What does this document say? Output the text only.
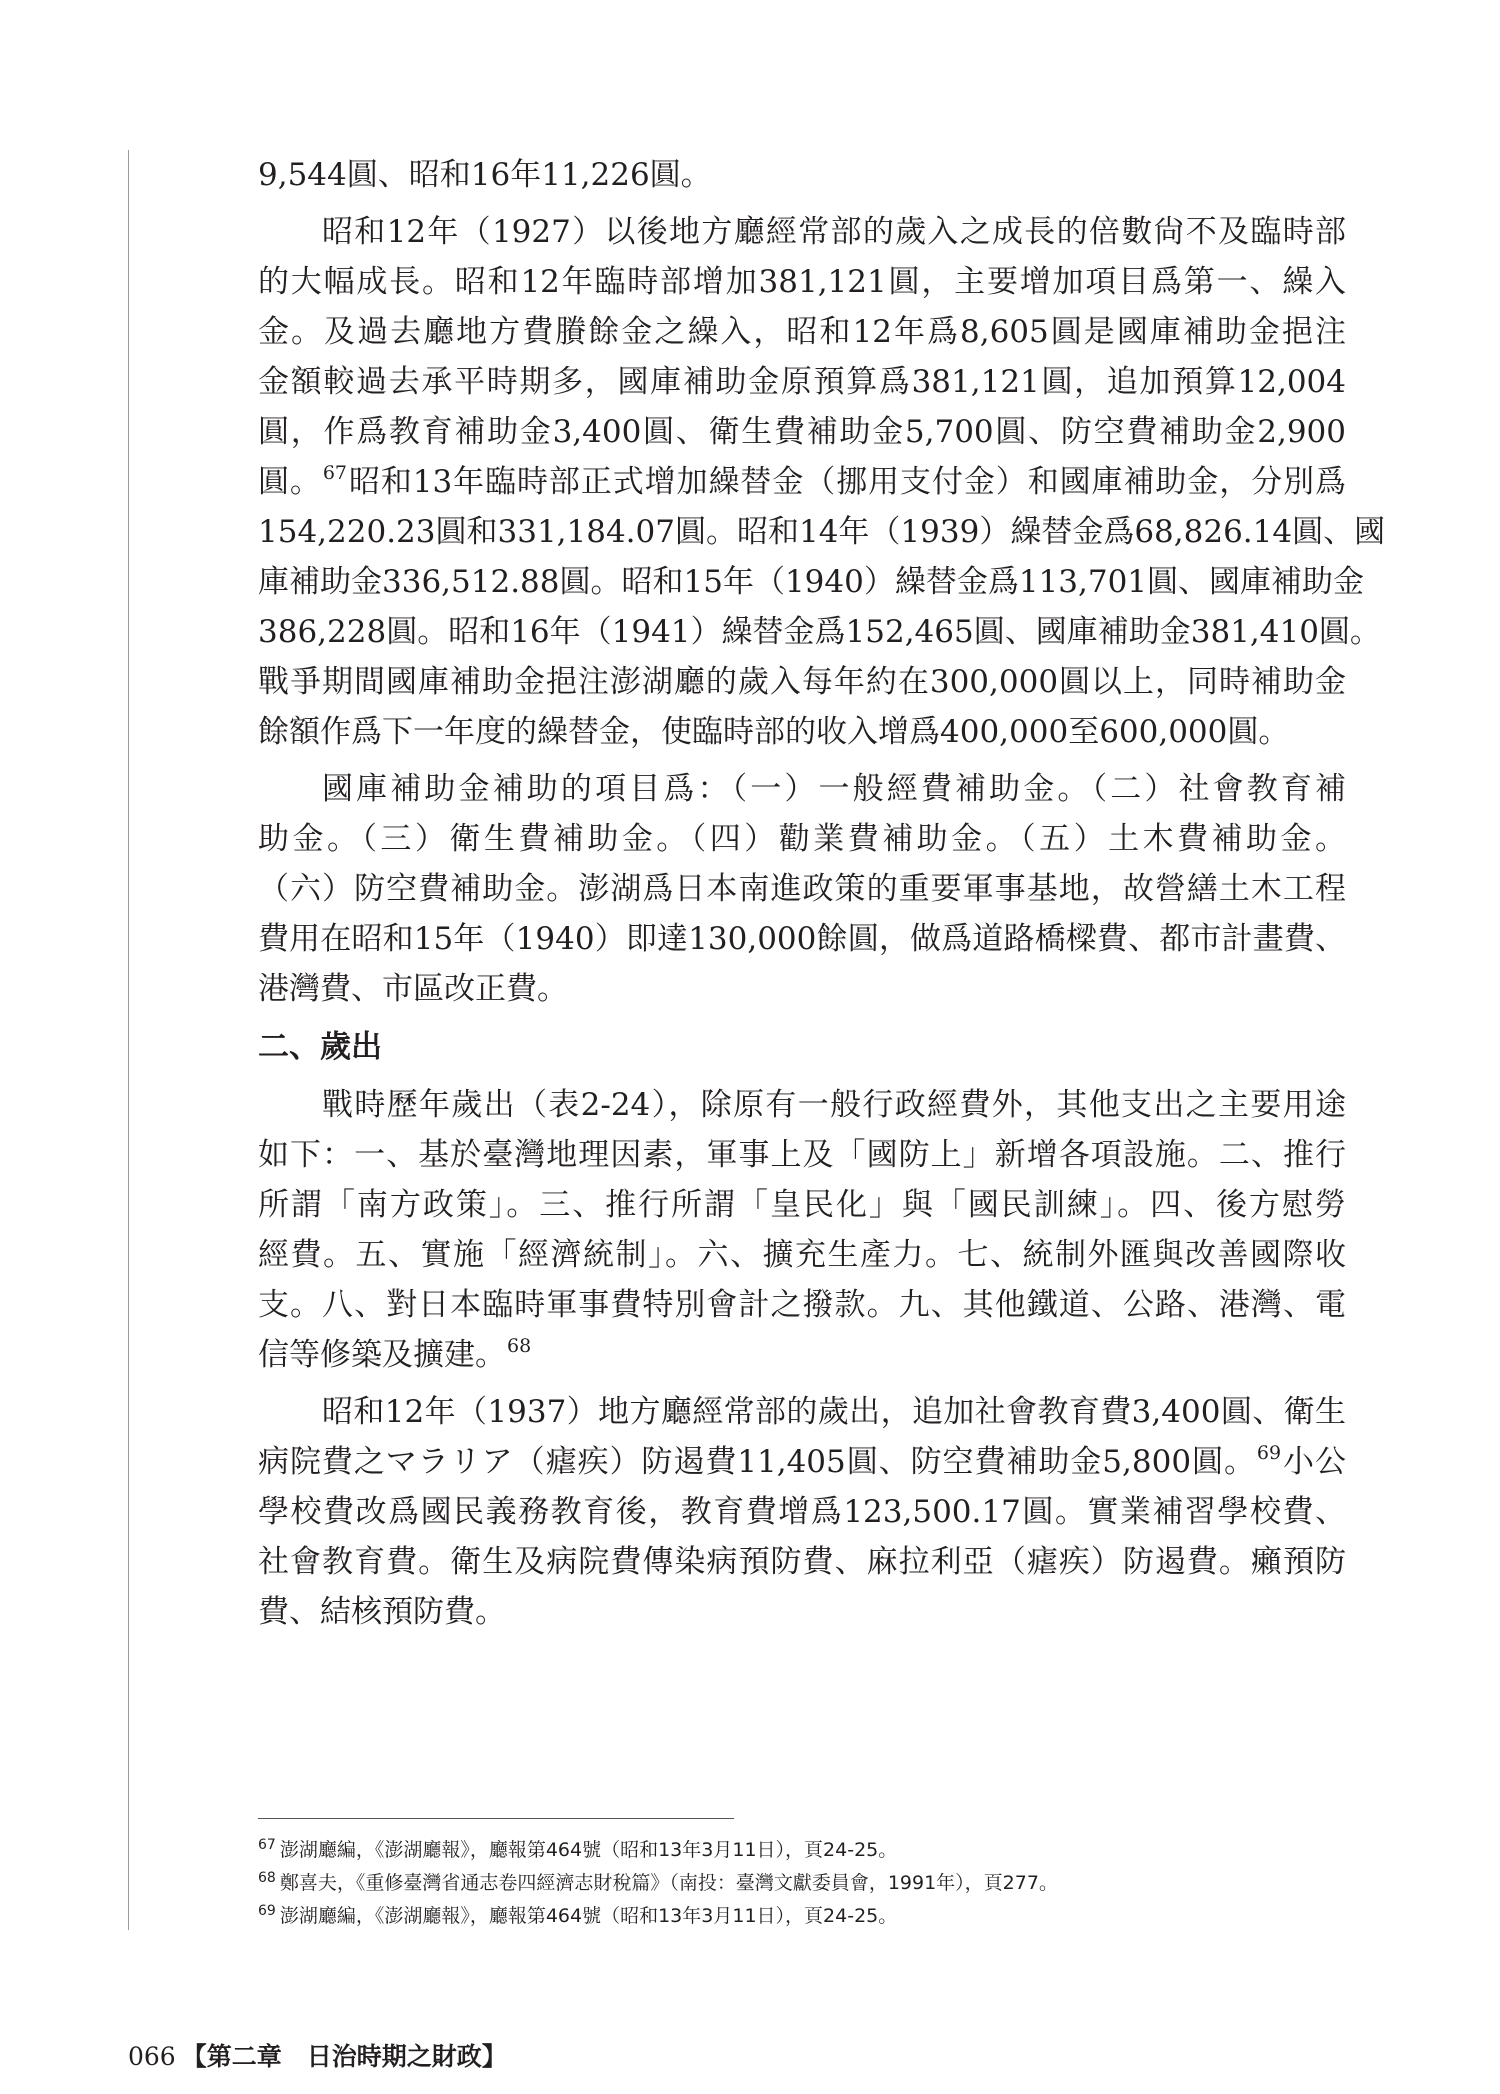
9,544圓、昭和16年11,226圓。
昭和12年（1927）以後地方廳經常部的歲入之成長的倍數尙不及臨時部
的大幅成長。昭和12年臨時部增加381,121圓，主要增加項目爲第一、繰入
金。及過去廳地方費賸餘金之繰入，昭和12年爲8,605圓是國庫補助金挹注
金額較過去承平時期多，國庫補助金原預算爲381,121圓，追加預算12,004
圓，作爲教育補助金3,400圓、衛生費補助金5,700圓、防空費補助金2,900
圓。$^{67}$昭和13年臨時部正式增加繰替金（挪用支付金）和國庫補助金，分別爲
154,220.23圓和331,184.07圓。昭和14年（1939）繰替金爲68,826.14圓、國
庫補助金336,512.88圓。昭和15年（1940）繰替金爲113,701圓、國庫補助金
386,228圓。昭和16年（1941）繰替金爲152,465圓、國庫補助金381,410圓。
戰爭期間國庫補助金挹注澎湖廳的歲入每年約在300,000圓以上，同時補助金
餘額作爲下一年度的繰替金，使臨時部的收入增爲400,000至600,000圓。
國庫補助金補助的項目爲：（一）一般經費補助金。（二）社會教育補
助金。（三）衛生費補助金。（四）勸業費補助金。（五）土木費補助金。
（六）防空費補助金。澎湖爲日本南進政策的重要軍事基地，故營繕土木工程
費用在昭和15年（1940）即達130,000餘圓，做爲道路橋樑費、都市計畫費、
港灣費、市區改正費。
二、歲出
戰時歷年歲出（表2-24），除原有一般行政經費外，其他支出之主要用途
如下：一、基於臺灣地理因素，軍事上及「國防上」新增各項設施。二、推行
所謂「南方政策」。三、推行所謂「皇民化」與「國民訓練」。四、後方慰勞
經費。五、實施「經濟統制」。六、擴充生產力。七、統制外匯與改善國際收
支。八、對日本臨時軍事費特別會計之撥款。九、其他鐵道、公路、港灣、電
信等修築及擴建。$^{68}$
昭和12年（1937）地方廳經常部的歲出，追加社會教育費3,400圓、衛生
病院費之マラリア（瘧疾）防遏費11,405圓、防空費補助金5,800圓。$^{69}$小公
學校費改爲國民義務教育後，教育費增爲123,500.17圓。實業補習學校費、
社會教育費。衛生及病院費傳染病預防費、麻拉利亞（瘧疾）防遏費。癩預防
費、結核預防費。
$^{67}$ 澎湖廳編，《澎湖廳報》，廳報第464號（昭和13年3月11日），頁24-25。
$^{68}$ 鄭喜夫，《重修臺灣省通志卷四經濟志財稅篇》（南投：臺灣文獻委員會，1991年），頁277。
$^{69}$ 澎湖廳編，《澎湖廳報》，廳報第464號（昭和13年3月11日），頁24-25。
066 【第二章　日治時期之財政】
